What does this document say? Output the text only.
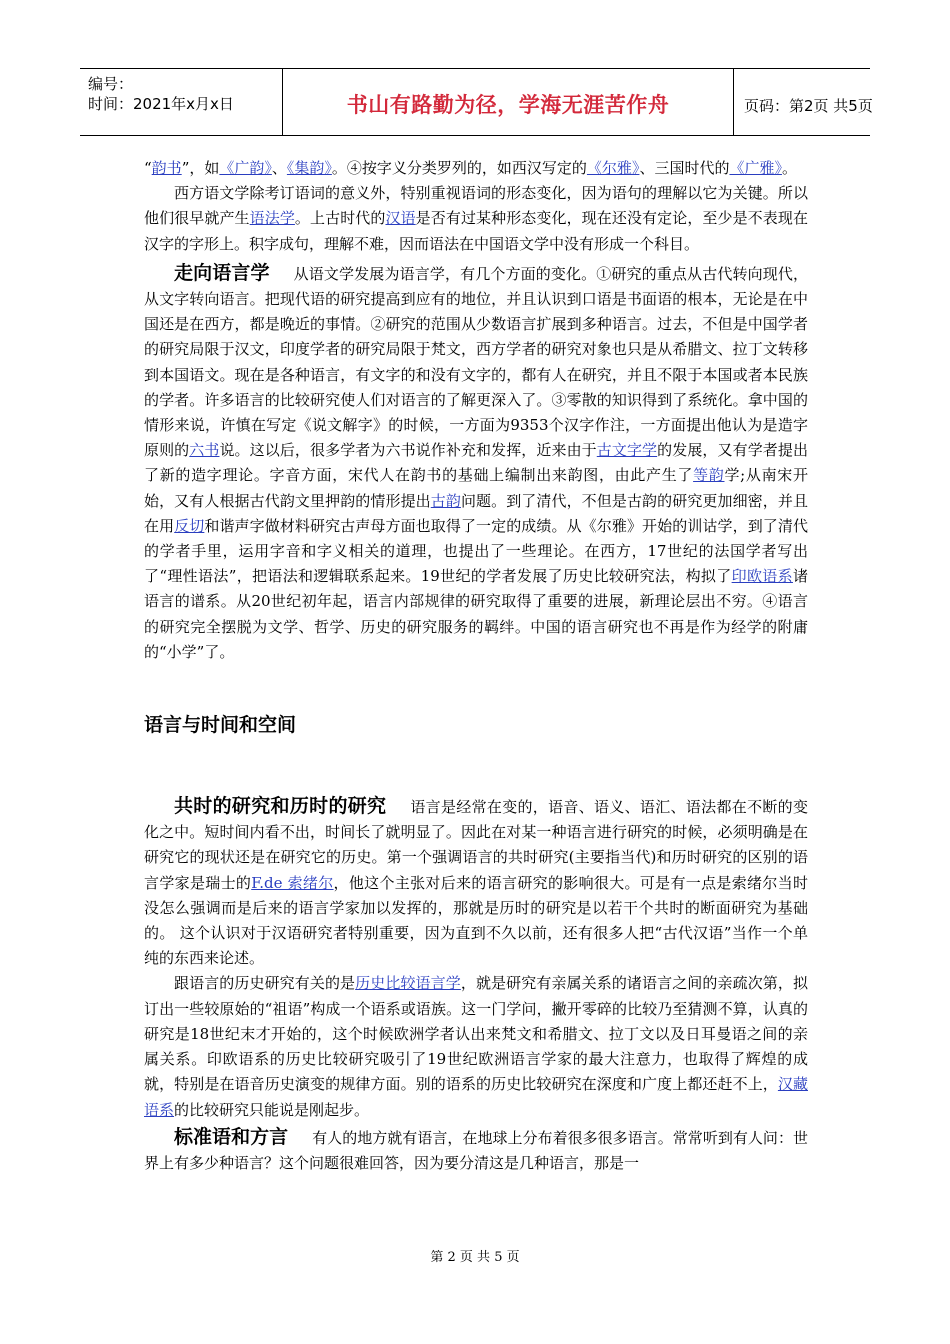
编号：
时间：2021年x月x日	书山有路勤为径，学海无涯苦作舟	页码：第2页 共5页

“韵书”，如《广韵》、《集韵》。④按字义分类罗列的，如西汉写定的《尔雅》、三国时代的《广雅》。

西方语文学除考订语词的意义外，特别重视语词的形态变化，因为语句的理解以它为关键。所以他们很早就产生语法学。上古时代的汉语是否有过某种形态变化，现在还没有定论，至少是不表现在汉字的字形上。积字成句，理解不难，因而语法在中国语文学中没有形成一个科目。

走向语言学 从语文学发展为语言学，有几个方面的变化。①研究的重点从古代转向现代，从文字转向语言。把现代语的研究提高到应有的地位，并且认识到口语是书面语的根本，无论是在中国还是在西方，都是晚近的事情。②研究的范围从少数语言扩展到多种语言。过去，不但是中国学者的研究局限于汉文，印度学者的研究局限于梵文，西方学者的研究对象也只是从希腊文、拉丁文转移到本国语文。现在是各种语言，有文字的和没有文字的，都有人在研究，并且不限于本国或者本民族的学者。许多语言的比较研究使人们对语言的了解更深入了。③零散的知识得到了系统化。拿中国的情形来说，许慎在写定《说文解字》的时候，一方面为9353个汉字作注，一方面提出他认为是造字原则的六书说。这以后，很多学者为六书说作补充和发挥，近来由于古文字学的发展，又有学者提出了新的造字理论。字音方面，宋代人在韵书的基础上编制出来韵图，由此产生了等韵学;从南宋开始，又有人根据古代韵文里押韵的情形提出古韵问题。到了清代，不但是古韵的研究更加细密，并且在用反切和谐声字做材料研究古声母方面也取得了一定的成绩。从《尔雅》开始的训诂学，到了清代的学者手里，运用字音和字义相关的道理，也提出了一些理论。在西方，17世纪的法国学者写出了“理性语法”，把语法和逻辑联系起来。19世纪的学者发展了历史比较研究法，构拟了印欧语系诸语言的谱系。从20世纪初年起，语言内部规律的研究取得了重要的进展，新理论层出不穷。④语言的研究完全摆脱为文学、哲学、历史的研究服务的羁绊。中国的语言研究也不再是作为经学的附庸的“小学”了。

语言与时间和空间

共时的研究和历时的研究 语言是经常在变的，语音、语义、语汇、语法都在不断的变化之中。短时间内看不出，时间长了就明显了。因此在对某一种语言进行研究的时候，必须明确是在研究它的现状还是在研究它的历史。第一个强调语言的共时研究(主要指当代)和历时研究的区别的语言学家是瑞士的F.de 索绪尔，他这个主张对后来的语言研究的影响很大。可是有一点是索绪尔当时没怎么强调而是后来的语言学家加以发挥的，那就是历时的研究是以若干个共时的断面研究为基础的。 这个认识对于汉语研究者特别重要，因为直到不久以前，还有很多人把“古代汉语”当作一个单纯的东西来论述。

跟语言的历史研究有关的是历史比较语言学，就是研究有亲属关系的诸语言之间的亲疏次第，拟订出一些较原始的“祖语”构成一个语系或语族。这一门学问，撇开零碎的比较乃至猜测不算，认真的研究是18世纪末才开始的，这个时候欧洲学者认出来梵文和希腊文、拉丁文以及日耳曼语之间的亲属关系。印欧语系的历史比较研究吸引了19世纪欧洲语言学家的最大注意力，也取得了辉煌的成就，特别是在语音历史演变的规律方面。别的语系的历史比较研究在深度和广度上都还赶不上，汉藏语系的比较研究只能说是刚起步。

标准语和方言 有人的地方就有语言，在地球上分布着很多很多语言。常常听到有人问：世界上有多少种语言？这个问题很难回答，因为要分清这是几种语言，那是一

第 2 页 共 5 页
